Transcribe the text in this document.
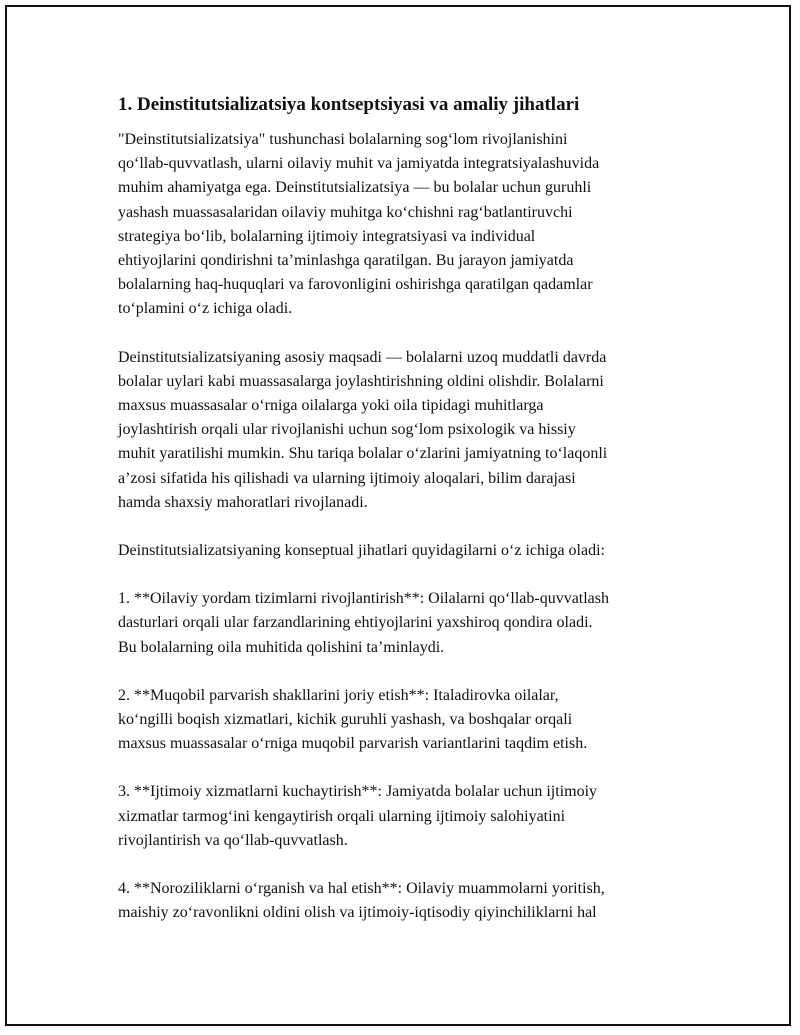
1. Deinstitutsializatsiya kontseptsiyasi va amaliy jihatlari

"Deinstitutsializatsiya" tushunchasi bolalarning sog‘lom rivojlanishini
qo‘llab-quvvatlash, ularni oilaviy muhit va jamiyatda integratsiyalashuvida
muhim ahamiyatga ega. Deinstitutsializatsiya — bu bolalar uchun guruhli
yashash muassasalaridan oilaviy muhitga ko‘chishni rag‘batlantiruvchi
strategiya bo‘lib, bolalarning ijtimoiy integratsiyasi va individual
ehtiyojlarini qondirishni ta’minlashga qaratilgan. Bu jarayon jamiyatda
bolalarning haq-huquqlari va farovonligini oshirishga qaratilgan qadamlar
to‘plamini o‘z ichiga oladi.

Deinstitutsializatsiyaning asosiy maqsadi — bolalarni uzoq muddatli davrda
bolalar uylari kabi muassasalarga joylashtirishning oldini olishdir. Bolalarni
maxsus muassasalar o‘rniga oilalarga yoki oila tipidagi muhitlarga
joylashtirish orqali ular rivojlanishi uchun sog‘lom psixologik va hissiy
muhit yaratilishi mumkin. Shu tariqa bolalar o‘zlarini jamiyatning to‘laqonli
a’zosi sifatida his qilishadi va ularning ijtimoiy aloqalari, bilim darajasi
hamda shaxsiy mahoratlari rivojlanadi.

Deinstitutsializatsiyaning konseptual jihatlari quyidagilarni o‘z ichiga oladi:

1. **Oilaviy yordam tizimlarni rivojlantirish**: Oilalarni qo‘llab-quvvatlash
dasturlari orqali ular farzandlarining ehtiyojlarini yaxshiroq qondira oladi.
Bu bolalarning oila muhitida qolishini ta’minlaydi.

2. **Muqobil parvarish shakllarini joriy etish**: Italadirovka oilalar,
ko‘ngilli boqish xizmatlari, kichik guruhli yashash, va boshqalar orqali
maxsus muassasalar o‘rniga muqobil parvarish variantlarini taqdim etish.

3. **Ijtimoiy xizmatlarni kuchaytirish**: Jamiyatda bolalar uchun ijtimoiy
xizmatlar tarmog‘ini kengaytirish orqali ularning ijtimoiy salohiyatini
rivojlantirish va qo‘llab-quvvatlash.

4. **Noroziliklarni o‘rganish va hal etish**: Oilaviy muammolarni yoritish,
maishiy zo‘ravonlikni oldini olish va ijtimoiy-iqtisodiy qiyinchiliklarni hal
